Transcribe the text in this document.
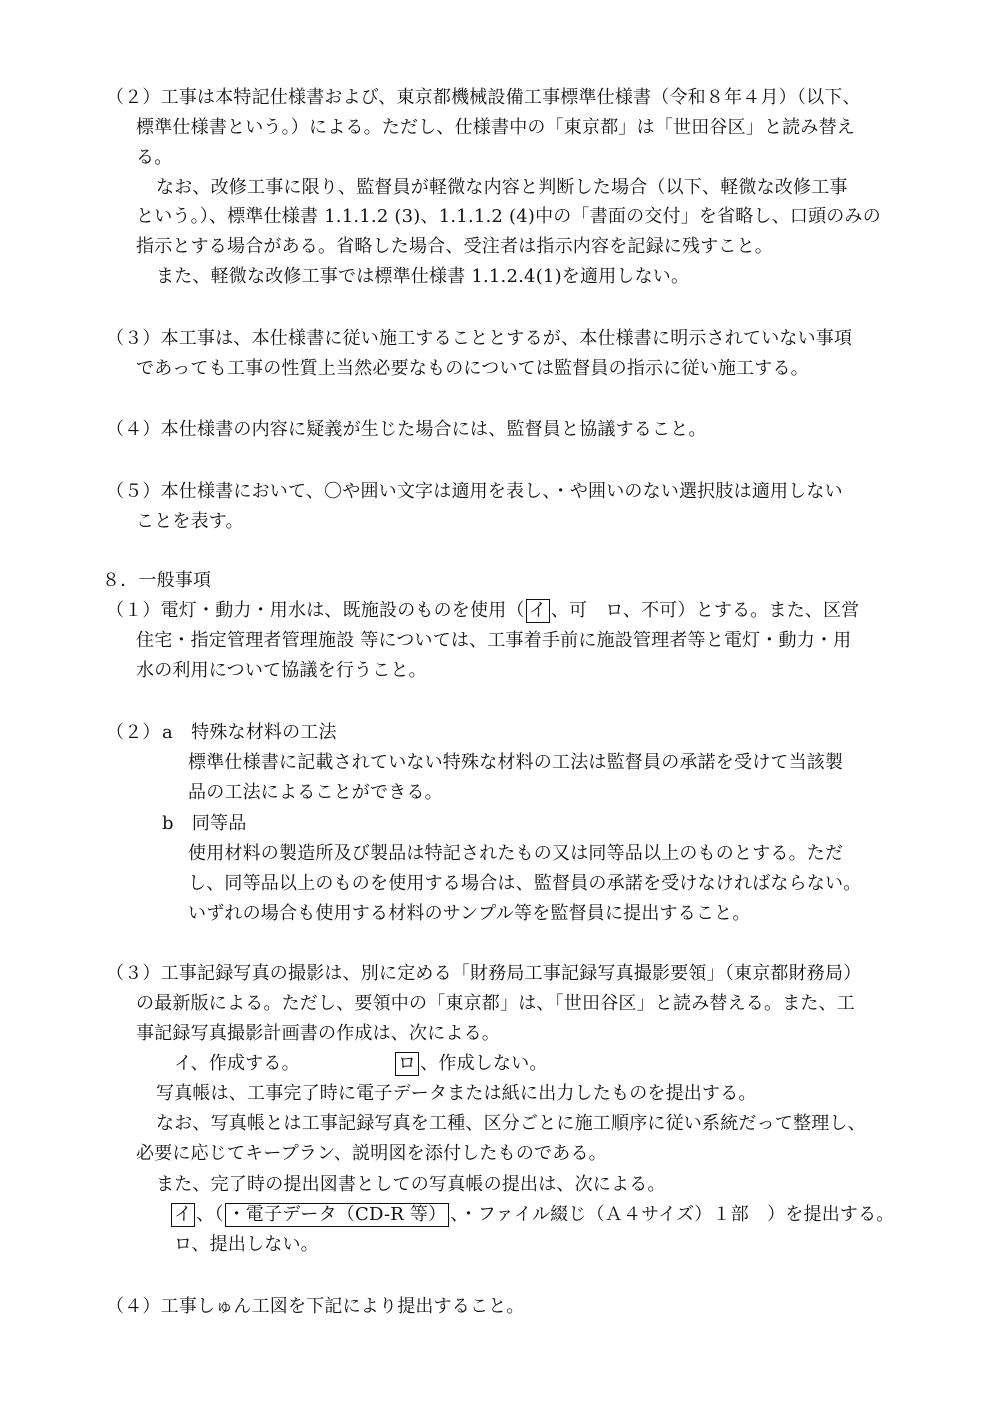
（２）工事は本特記仕様書および、東京都機械設備工事標準仕様書（令和８年４月）（以下、
標準仕様書という。）による。ただし、仕様書中の「東京都」は「世田谷区」と読み替え
る。
なお、改修工事に限り、監督員が軽微な内容と判断した場合（以下、軽微な改修工事
という。）、標準仕様書 1.1.1.2 (3)、1.1.1.2 (4)中の「書面の交付」を省略し、口頭のみの
指示とする場合がある。省略した場合、受注者は指示内容を記録に残すこと。
また、軽微な改修工事では標準仕様書 1.1.2.4(1)を適用しない。
（３）本工事は、本仕様書に従い施工することとするが、本仕様書に明示されていない事項
であっても工事の性質上当然必要なものについては監督員の指示に従い施工する。
（４）本仕様書の内容に疑義が生じた場合には、監督員と協議すること。
（５）本仕様書において、〇や囲い文字は適用を表し、・や囲いのない選択肢は適用しない
ことを表す。
８．一般事項
（１）電灯・動力・用水は、既施設のものを使用（ イ 、可　ロ、不可）とする。また、区営
住宅・指定管理者管理施設 等については、工事着手前に施設管理者等と電灯・動力・用
水の利用について協議を行うこと。
（２） a　特殊な材料の工法
標準仕様書に記載されていない特殊な材料の工法は監督員の承諾を受けて当該製
品の工法によることができる。
b　同等品
使用材料の製造所及び製品は特記されたもの又は同等品以上のものとする。ただ
し、同等品以上のものを使用する場合は、監督員の承諾を受けなければならない。
いずれの場合も使用する材料のサンプル等を監督員に提出すること。
（３）工事記録写真の撮影は、別に定める「財務局工事記録写真撮影要領」（東京都財務局）
の最新版による。ただし、要領中の「東京都」は、「世田谷区」と読み替える。また、工
事記録写真撮影計画書の作成は、次による。
イ、作成する。	ロ 、作成しない。
写真帳は、工事完了時に電子データまたは紙に出力したものを提出する。
なお、写真帳とは工事記録写真を工種、区分ごとに施工順序に従い系統だって整理し、
必要に応じてキープラン、説明図を添付したものである。
また、完了時の提出図書としての写真帳の提出は、次による。
イ 、（ ・電子データ（CD-R 等） 、・ファイル綴じ（Ａ４サイズ）１部　）を提出する。
ロ、提出しない。
（４）工事しゅん工図を下記により提出すること。
